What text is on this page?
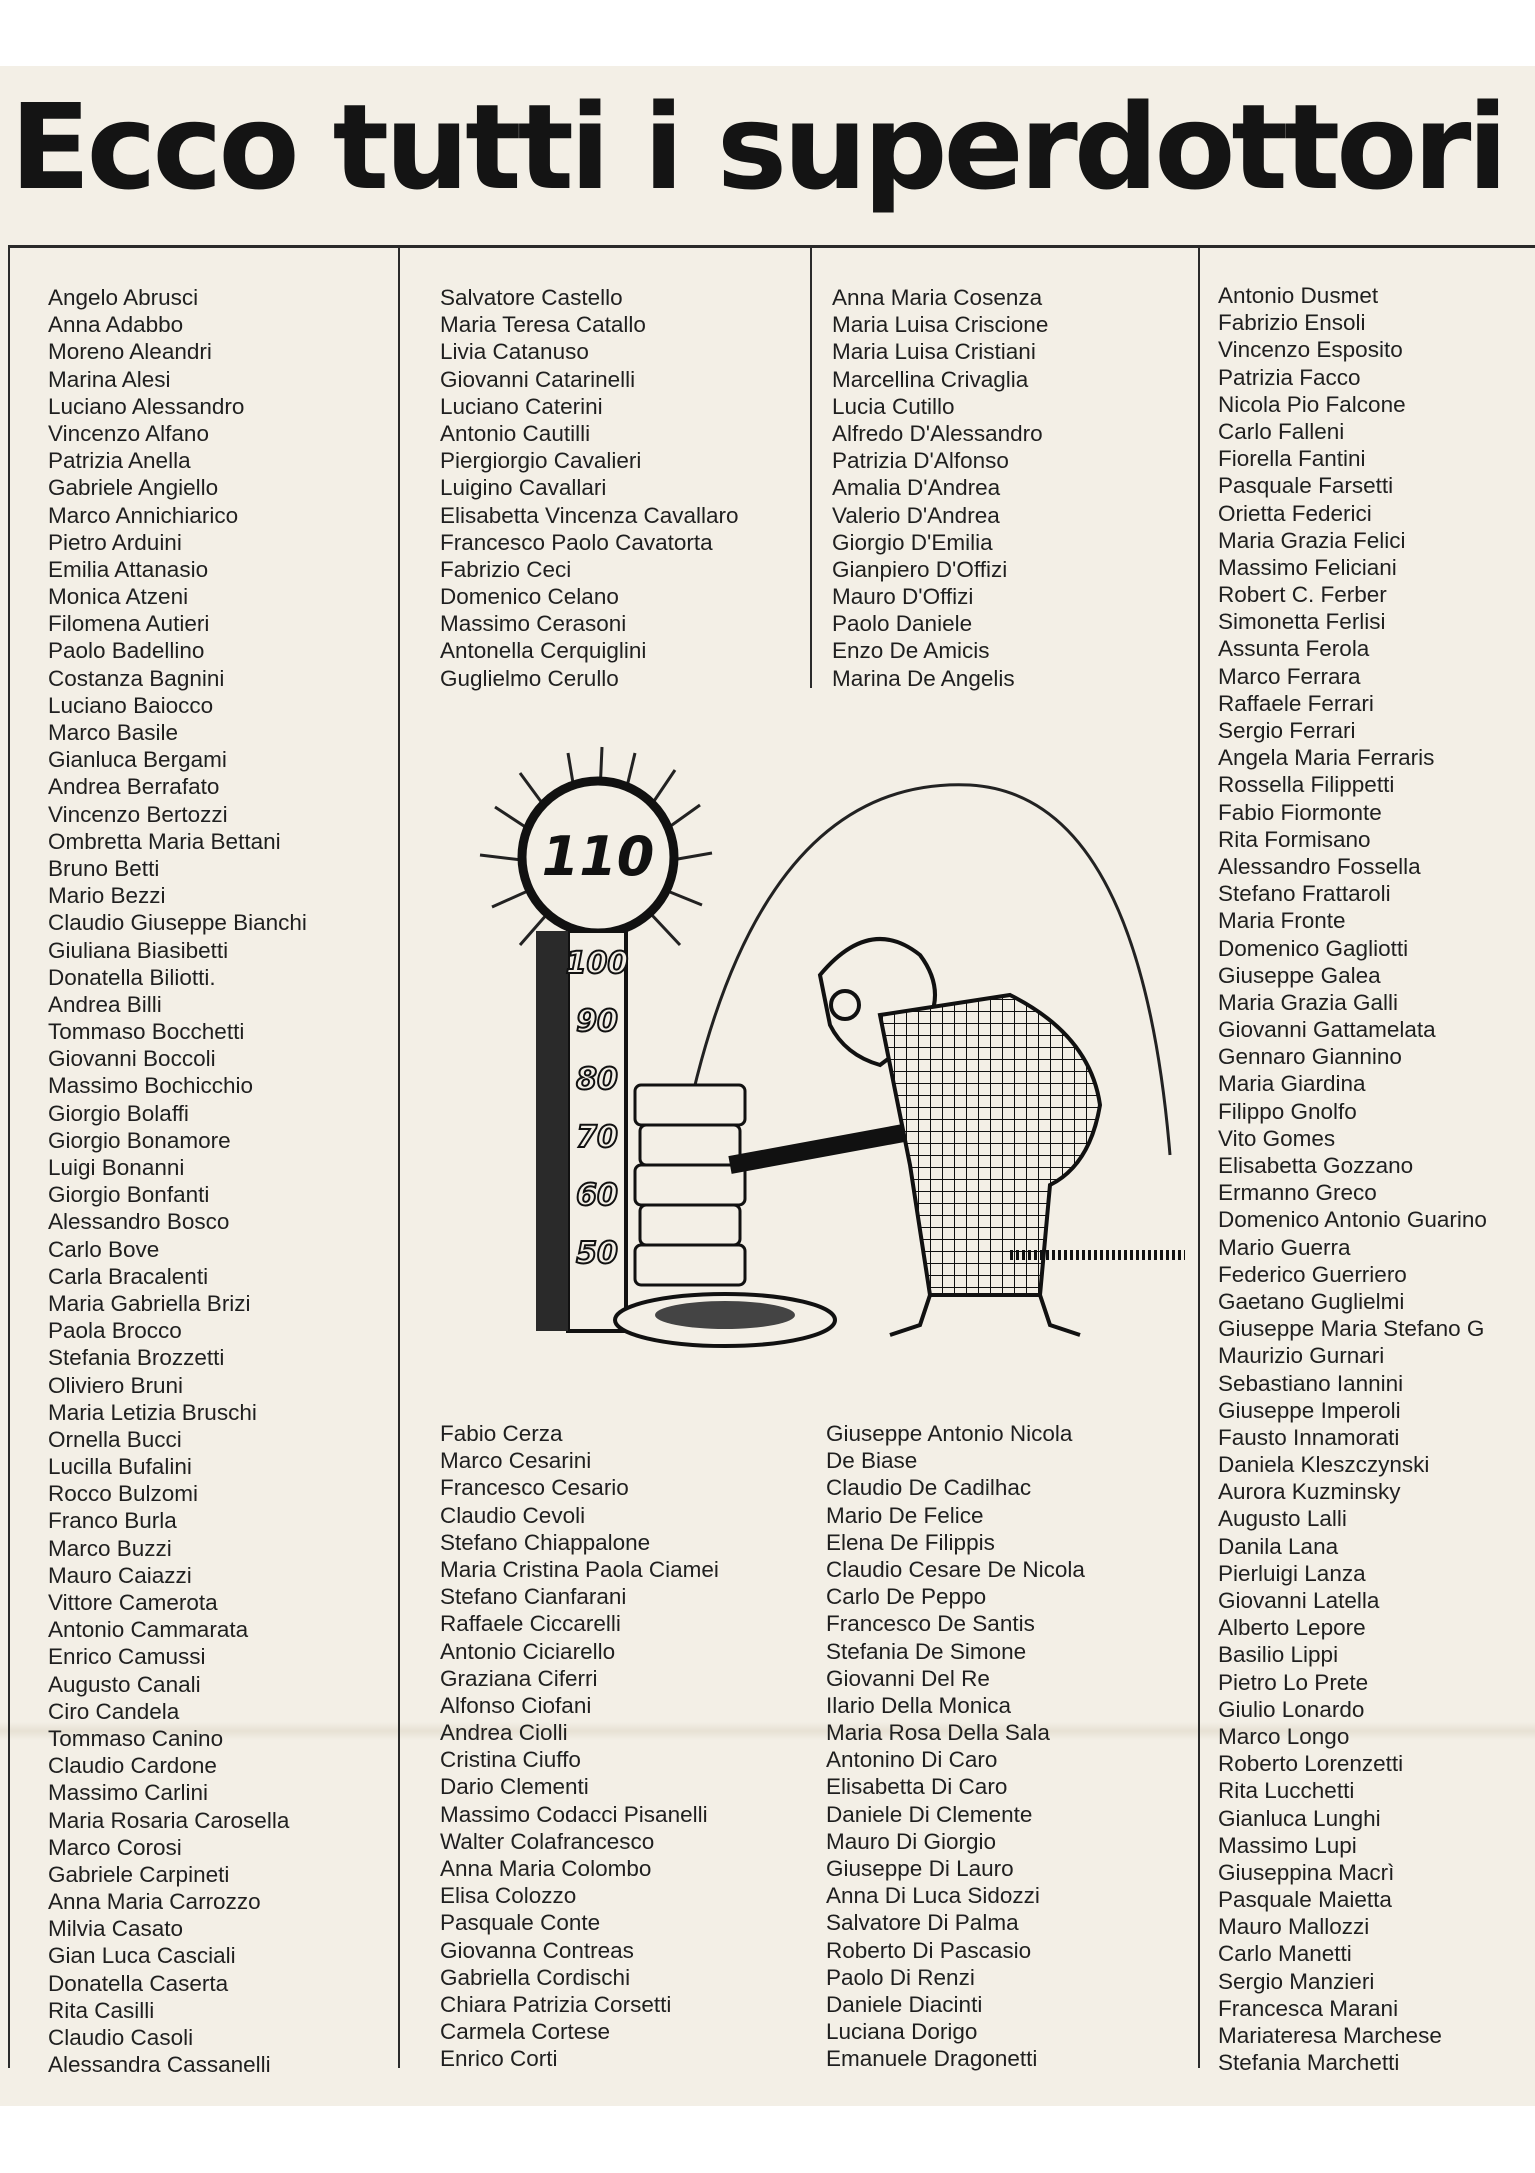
Ecco tutti i superdottori
Angelo Abrusci
Anna Adabbo
Moreno Aleandri
Marina Alesi
Luciano Alessandro
Vincenzo Alfano
Patrizia Anella
Gabriele Angiello
Marco Annichiarico
Pietro Arduini
Emilia Attanasio
Monica Atzeni
Filomena Autieri
Paolo Badellino
Costanza Bagnini
Luciano Baiocco
Marco Basile
Gianluca Bergami
Andrea Berrafato
Vincenzo Bertozzi
Ombretta Maria Bettani
Bruno Betti
Mario Bezzi
Claudio Giuseppe Bianchi
Giuliana Biasibetti
Donatella Biliotti.
Andrea Billi
Tommaso Bocchetti
Giovanni Boccoli
Massimo Bochicchio
Giorgio Bolaffi
Giorgio Bonamore
Luigi Bonanni
Giorgio Bonfanti
Alessandro Bosco
Carlo Bove
Carla Bracalenti
Maria Gabriella Brizi
Paola Brocco
Stefania Brozzetti
Oliviero Bruni
Maria Letizia Bruschi
Ornella Bucci
Lucilla Bufalini
Rocco Bulzomi
Franco Burla
Marco Buzzi
Mauro Caiazzi
Vittore Camerota
Antonio Cammarata
Enrico Camussi
Augusto Canali
Ciro Candela
Tommaso Canino
Claudio Cardone
Massimo Carlini
Maria Rosaria Carosella
Marco Corosi
Gabriele Carpineti
Anna Maria Carrozzo
Milvia Casato
Gian Luca Casciali
Donatella Caserta
Rita Casilli
Claudio Casoli
Alessandra Cassanelli
Salvatore Castello
Maria Teresa Catallo
Livia Catanuso
Giovanni Catarinelli
Luciano Caterini
Antonio Cautilli
Piergiorgio Cavalieri
Luigino Cavallari
Elisabetta Vincenza Cavallaro
Francesco Paolo Cavatorta
Fabrizio Ceci
Domenico Celano
Massimo Cerasoni
Antonella Cerquiglini
Guglielmo Cerullo
Anna Maria Cosenza
Maria Luisa Criscione
Maria Luisa Cristiani
Marcellina Crivaglia
Lucia Cutillo
Alfredo D'Alessandro
Patrizia D'Alfonso
Amalia D'Andrea
Valerio D'Andrea
Giorgio D'Emilia
Gianpiero D'Offizi
Mauro D'Offizi
Paolo Daniele
Enzo De Amicis
Marina De Angelis
Fabio Cerza
Marco Cesarini
Francesco Cesario
Claudio Cevoli
Stefano Chiappalone
Maria Cristina Paola Ciamei
Stefano Cianfarani
Raffaele Ciccarelli
Antonio Ciciarello
Graziana Ciferri
Alfonso Ciofani
Andrea Ciolli
Cristina Ciuffo
Dario Clementi
Massimo Codacci Pisanelli
Walter Colafrancesco
Anna Maria Colombo
Elisa Colozzo
Pasquale Conte
Giovanna Contreas
Gabriella Cordischi
Chiara Patrizia Corsetti
Carmela Cortese
Enrico Corti
Giuseppe Antonio Nicola
De Biase
Claudio De Cadilhac
Mario De Felice
Elena De Filippis
Claudio Cesare De Nicola
Carlo De Peppo
Francesco De Santis
Stefania De Simone
Giovanni Del Re
Ilario Della Monica
Maria Rosa Della Sala
Antonino Di Caro
Elisabetta Di Caro
Daniele Di Clemente
Mauro Di Giorgio
Giuseppe Di Lauro
Anna Di Luca Sidozzi
Salvatore Di Palma
Roberto Di Pascasio
Paolo Di Renzi
Daniele Diacinti
Luciana Dorigo
Emanuele Dragonetti
Antonio Dusmet
Fabrizio Ensoli
Vincenzo Esposito
Patrizia Facco
Nicola Pio Falcone
Carlo Falleni
Fiorella Fantini
Pasquale Farsetti
Orietta Federici
Maria Grazia Felici
Massimo Feliciani
Robert C. Ferber
Simonetta Ferlisi
Assunta Ferola
Marco Ferrara
Raffaele Ferrari
Sergio Ferrari
Angela Maria Ferraris
Rossella Filippetti
Fabio Fiormonte
Rita Formisano
Alessandro Fossella
Stefano Frattaroli
Maria Fronte
Domenico Gagliotti
Giuseppe Galea
Maria Grazia Galli
Giovanni Gattamelata
Gennaro Giannino
Maria Giardina
Filippo Gnolfo
Vito Gomes
Elisabetta Gozzano
Ermanno Greco
Domenico Antonio Guarino
Mario Guerra
Federico Guerriero
Gaetano Guglielmi
Giuseppe Maria Stefano G
Maurizio Gurnari
Sebastiano Iannini
Giuseppe Imperoli
Fausto Innamorati
Daniela Kleszczynski
Aurora Kuzminsky
Augusto Lalli
Danila Lana
Pierluigi Lanza
Giovanni Latella
Alberto Lepore
Basilio Lippi
Pietro Lo Prete
Giulio Lonardo
Marco Longo
Roberto Lorenzetti
Rita Lucchetti
Gianluca Lunghi
Massimo Lupi
Giuseppina Macrì
Pasquale Maietta
Mauro Mallozzi
Carlo Manetti
Sergio Manzieri
Francesca Marani
Mariateresa Marchese
Stefania Marchetti
110
100
90
80
70
60
50
